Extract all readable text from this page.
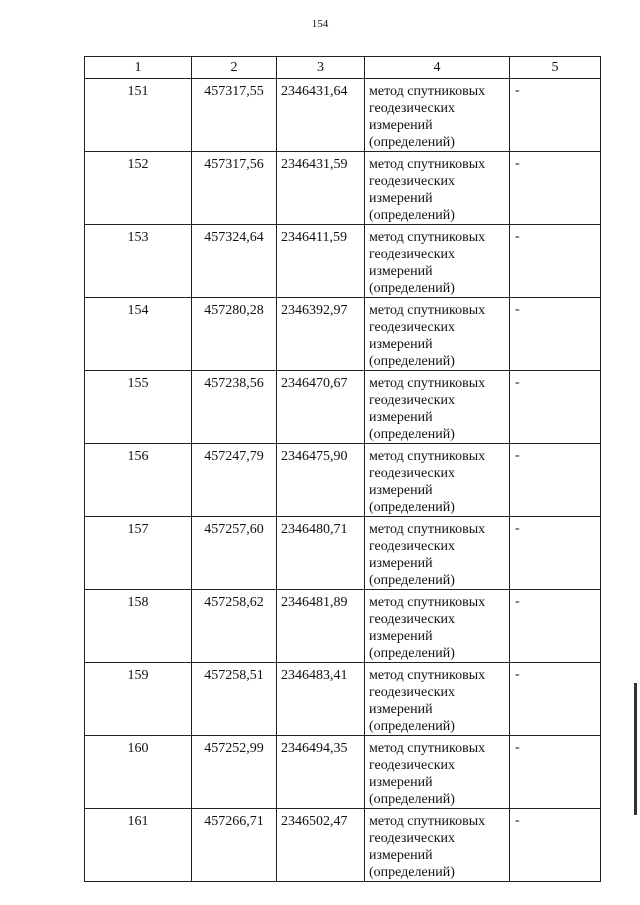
154
1	2	3	4	5
151	457317,55	2346431,64	метод спутниковых геодезических измерений (определений)	-
152	457317,56	2346431,59	метод спутниковых геодезических измерений (определений)	-
153	457324,64	2346411,59	метод спутниковых геодезических измерений (определений)	-
154	457280,28	2346392,97	метод спутниковых геодезических измерений (определений)	-
155	457238,56	2346470,67	метод спутниковых геодезических измерений (определений)	-
156	457247,79	2346475,90	метод спутниковых геодезических измерений (определений)	-
157	457257,60	2346480,71	метод спутниковых геодезических измерений (определений)	-
158	457258,62	2346481,89	метод спутниковых геодезических измерений (определений)	-
159	457258,51	2346483,41	метод спутниковых геодезических измерений (определений)	-
160	457252,99	2346494,35	метод спутниковых геодезических измерений (определений)	-
161	457266,71	2346502,47	метод спутниковых геодезических измерений (определений)	-
